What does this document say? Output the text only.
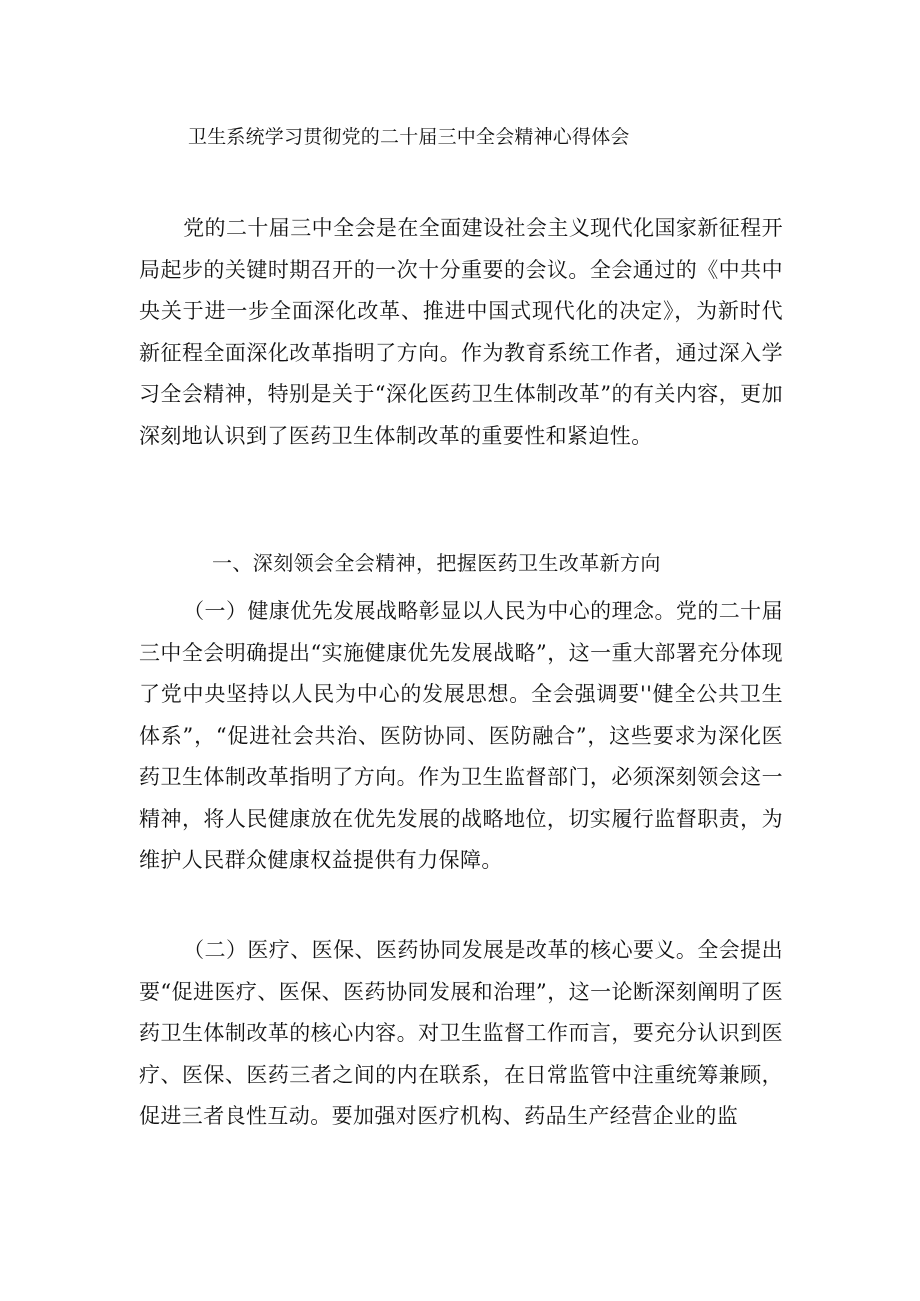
卫生系统学习贯彻党的二十届三中全会精神心得体会

党的二十届三中全会是在全面建设社会主义现代化国家新征程开局起步的关键时期召开的一次十分重要的会议。全会通过的《中共中央关于进一步全面深化改革、推进中国式现代化的决定》，为新时代新征程全面深化改革指明了方向。作为教育系统工作者，通过深入学习全会精神，特别是关于“深化医药卫生体制改革”的有关内容，更加深刻地认识到了医药卫生体制改革的重要性和紧迫性。

一、深刻领会全会精神，把握医药卫生改革新方向

（一）健康优先发展战略彰显以人民为中心的理念。党的二十届三中全会明确提出“实施健康优先发展战略”，这一重大部署充分体现了党中央坚持以人民为中心的发展思想。全会强调要''健全公共卫生体系”，“促进社会共治、医防协同、医防融合”，这些要求为深化医药卫生体制改革指明了方向。作为卫生监督部门，必须深刻领会这一精神，将人民健康放在优先发展的战略地位，切实履行监督职责，为维护人民群众健康权益提供有力保障。

（二）医疗、医保、医药协同发展是改革的核心要义。全会提出要“促进医疗、医保、医药协同发展和治理”，这一论断深刻阐明了医药卫生体制改革的核心内容。对卫生监督工作而言，要充分认识到医疗、医保、医药三者之间的内在联系，在日常监管中注重统筹兼顾，促进三者良性互动。要加强对医疗机构、药品生产经营企业的监
